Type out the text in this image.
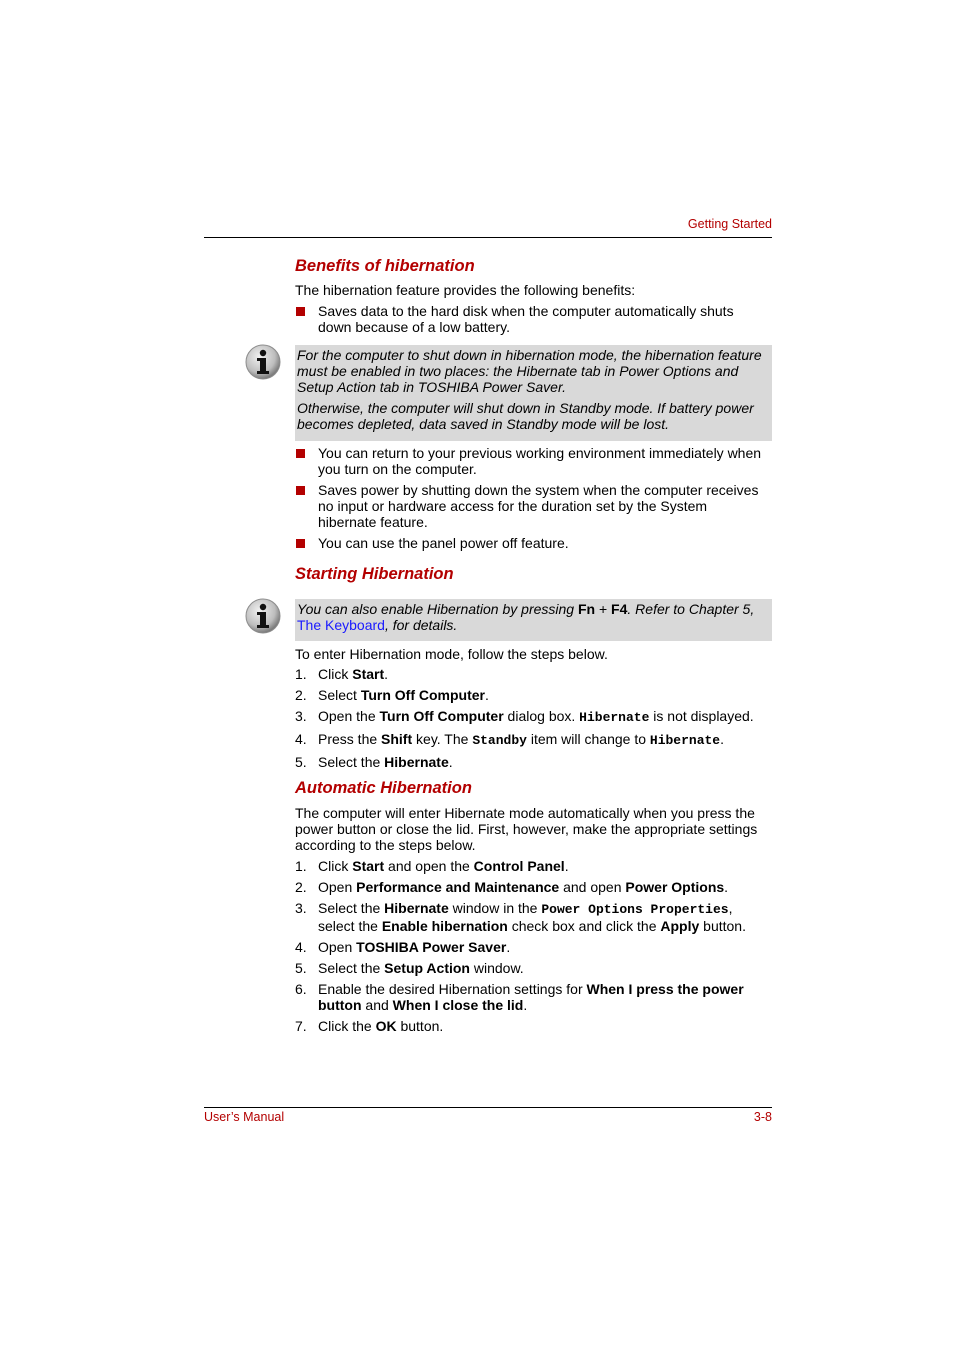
Getting Started
Benefits of hibernation

The hibernation feature provides the following benefits:

Saves data to the hard disk when the computer automatically shuts
down because of a low battery.

For the computer to shut down in hibernation mode, the hibernation feature

must be enabled in two places: the Hibernate tab in Power Options and

Setup Action tab in TOSHIBA Power Saver.

Otherwise, the computer will shut down in Standby mode. If battery power

becomes depleted, data saved in Standby mode will be lost.

You can return to your previous working environment immediately when
you turn on the computer.
Saves power by shutting down the system when the computer receives
no input or hardware access for the duration set by the System
hibernate feature.
You can use the panel power off feature.
Starting Hibernation

You can also enable Hibernation by pressing Fn + F4. Refer to Chapter 5,

The Keyboard, for details.

To enter Hibernation mode, follow the steps below.

1. Click Start.
2. Select Turn Off Computer.
3. Open the Turn Off Computer dialog box. Hibernate is not displayed.
4. Press the Shift key. The Standby item will change to Hibernate.
5. Select the Hibernate.
Automatic Hibernation

The computer will enter Hibernate mode automatically when you press the

power button or close the lid. First, however, make the appropriate settings

according to the steps below.

1. Click Start and open the Control Panel.
2. Open Performance and Maintenance and open Power Options.
3. Select the Hibernate window in the Power Options Properties,
select the Enable hibernation check box and click the Apply button.
4. Open TOSHIBA Power Saver.
5. Select the Setup Action window.
6. Enable the desired Hibernation settings for When I press the power
button and When I close the lid.
7. Click the OK button.
User’s Manual	3-8
